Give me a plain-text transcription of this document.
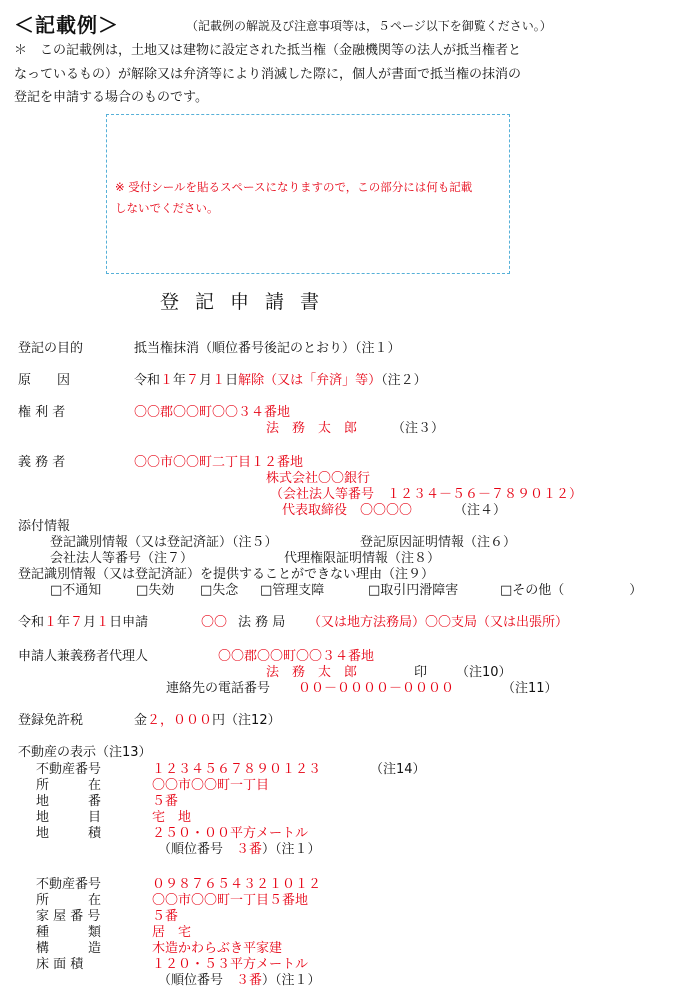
＜記載例＞	（記載例の解説及び注意事項等は，５ページ以下を御覧ください。）
＊ この記載例は，土地又は建物に設定された抵当権（金融機関等の法人が抵当権者と
なっているもの）が解除又は弁済等により消滅した際に，個人が書面で抵当権の抹消の
登記を申請する場合のものです。
※ 受付シールを貼るスペースになりますので，この部分には何も記載
しないでください。
登記申請書
登記の目的	抵当権抹消（順位番号後記のとおり）（注１）
原　　因	令和１年７月１日解除（又は「弁済」等）（注２）
権 利 者	〇〇郡〇〇町〇〇３４番地
法　務　太　郎	（注３）
義 務 者	〇〇市〇〇町二丁目１２番地
株式会社〇〇銀行
（会社法人等番号　１２３４－５６－７８９０１２）
代表取締役　〇〇〇〇	（注４）
添付情報
登記識別情報（又は登記済証）（注５）	登記原因証明情報（注６）
会社法人等番号（注７）	代理権限証明情報（注８）
登記識別情報（又は登記済証）を提供することができない理由（注９）
□不通知	□失効 □失念 □管理支障	□取引円滑障害	□その他（　　　　　）
令和１年７月１日申請	〇〇 法 務 局 （又は地方法務局）〇〇支局（又は出張所）
申請人兼義務者代理人	〇〇郡〇〇町〇〇３４番地
法　務　太　郎	印 （注10）
連絡先の電話番号 ００－００００－００００	（注11）
登録免許税	金２，０００円（注12）
不動産の表示（注13）
不動産番号	１２３４５６７８９０１２３	（注14）
所　　　在	〇〇市〇〇町一丁目
地　　　番	５番
地　　　目	宅　地
地　　　積	２５０・００平方メートル
（順位番号　 ３番）（注１）
不動産番号	０９８７６５４３２１０１２
所　　　在	〇〇市〇〇町一丁目５番地
家 屋 番 号	５番
種　　　類	居　宅
構　　　造	木造かわらぶき平家建
床 面 積	１２０・５３平方メートル
（順位番号　 ３番）（注１）
